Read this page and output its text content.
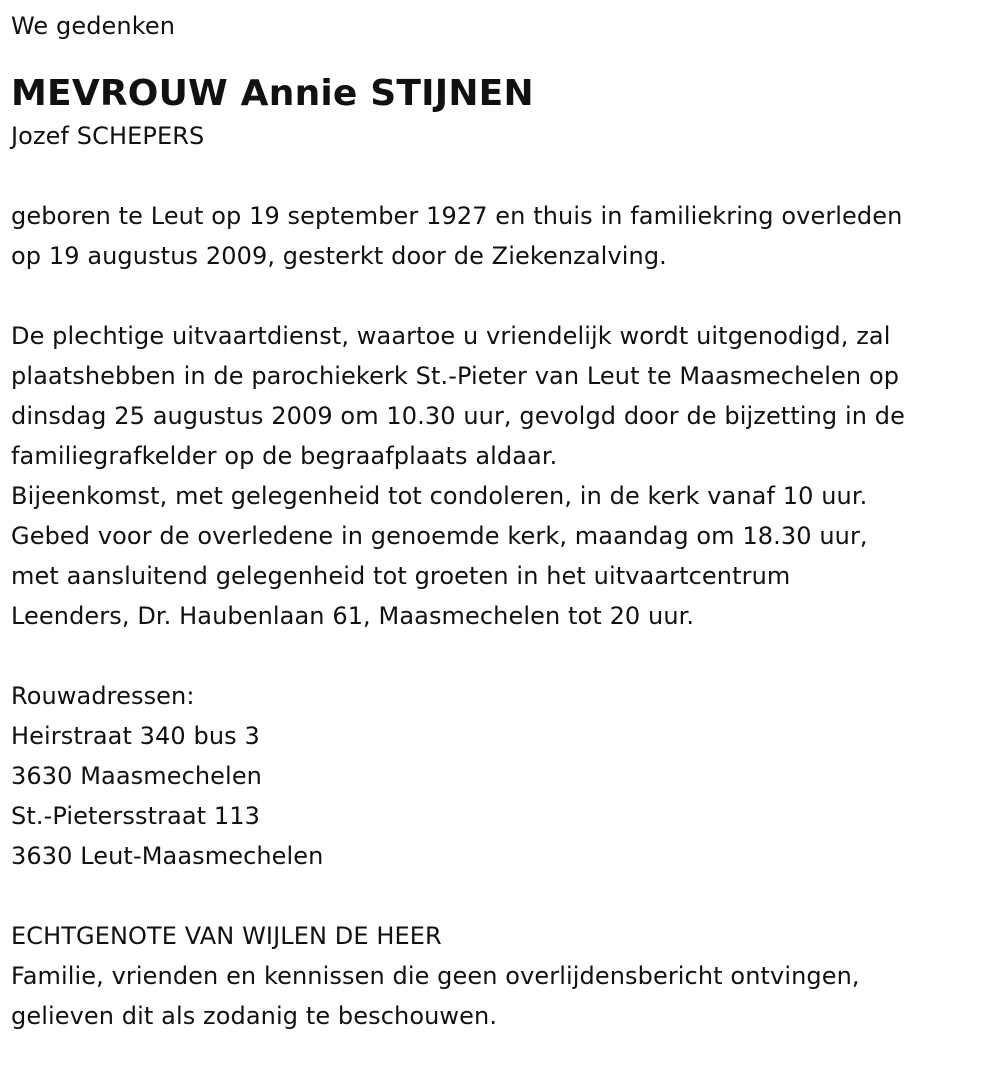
We gedenken
MEVROUW Annie STIJNEN
Jozef SCHEPERS
geboren te Leut op 19 september 1927 en thuis in familiekring overleden
op 19 augustus 2009, gesterkt door de Ziekenzalving.
De plechtige uitvaartdienst, waartoe u vriendelijk wordt uitgenodigd, zal
plaatshebben in de parochiekerk St.-Pieter van Leut te Maasmechelen op
dinsdag 25 augustus 2009 om 10.30 uur, gevolgd door de bijzetting in de
familiegrafkelder op de begraafplaats aldaar.
Bijeenkomst, met gelegenheid tot condoleren, in de kerk vanaf 10 uur.
Gebed voor de overledene in genoemde kerk, maandag om 18.30 uur,
met aansluitend gelegenheid tot groeten in het uitvaartcentrum
Leenders, Dr. Haubenlaan 61, Maasmechelen tot 20 uur.
Rouwadressen:
Heirstraat 340 bus 3
3630 Maasmechelen
St.-Pietersstraat 113
3630 Leut-Maasmechelen
ECHTGENOTE VAN WIJLEN DE HEER
Familie, vrienden en kennissen die geen overlijdensbericht ontvingen,
gelieven dit als zodanig te beschouwen.
